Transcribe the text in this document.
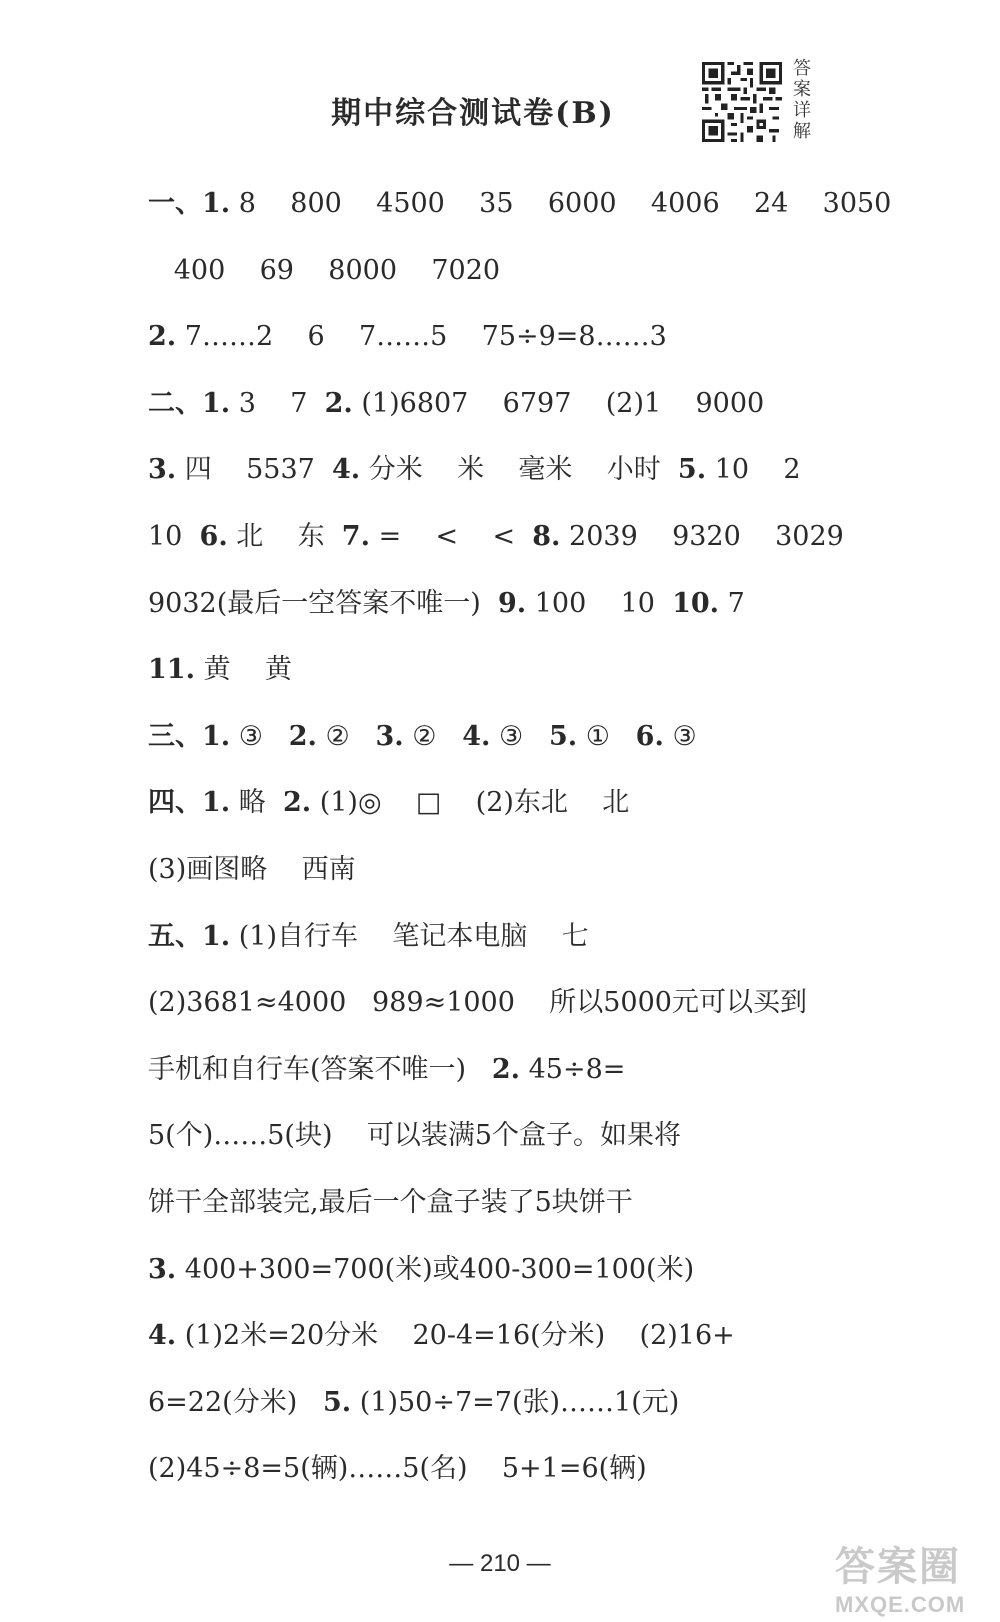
期中综合测试卷(B)
答
案
详
解
一、1. 8    800    4500    35    6000    4006    24    3050
400    69    8000    7020
2. 7……2    6    7……5    75÷9=8……3
二、1. 3    7  2. (1)6807    6797    (2)1    9000
3. 四    5537  4. 分米    米    毫米    小时  5. 10    2
10  6. 北    东  7. =    <    <  8. 2039    9320    3029
9032(最后一空答案不唯一)  9. 100    10  10. 7
11. 黄    黄
三、1. ③   2. ②   3. ②   4. ③   5. ①   6. ③
四、1. 略  2. (1)◎    □    (2)东北    北
(3)画图略    西南
五、1. (1)自行车    笔记本电脑    七
(2)3681≈4000   989≈1000    所以5000元可以买到
手机和自行车(答案不唯一)   2. 45÷8=
5(个)……5(块)    可以装满5个盒子。如果将
饼干全部装完,最后一个盒子装了5块饼干
3. 400+300=700(米)或400-300=100(米)
4. (1)2米=20分米    20-4=16(分米)    (2)16+
6=22(分米)   5. (1)50÷7=7(张)……1(元)
(2)45÷8=5(辆)……5(名)    5+1=6(辆)
— 210 —	答案圈
MXQE.COM
